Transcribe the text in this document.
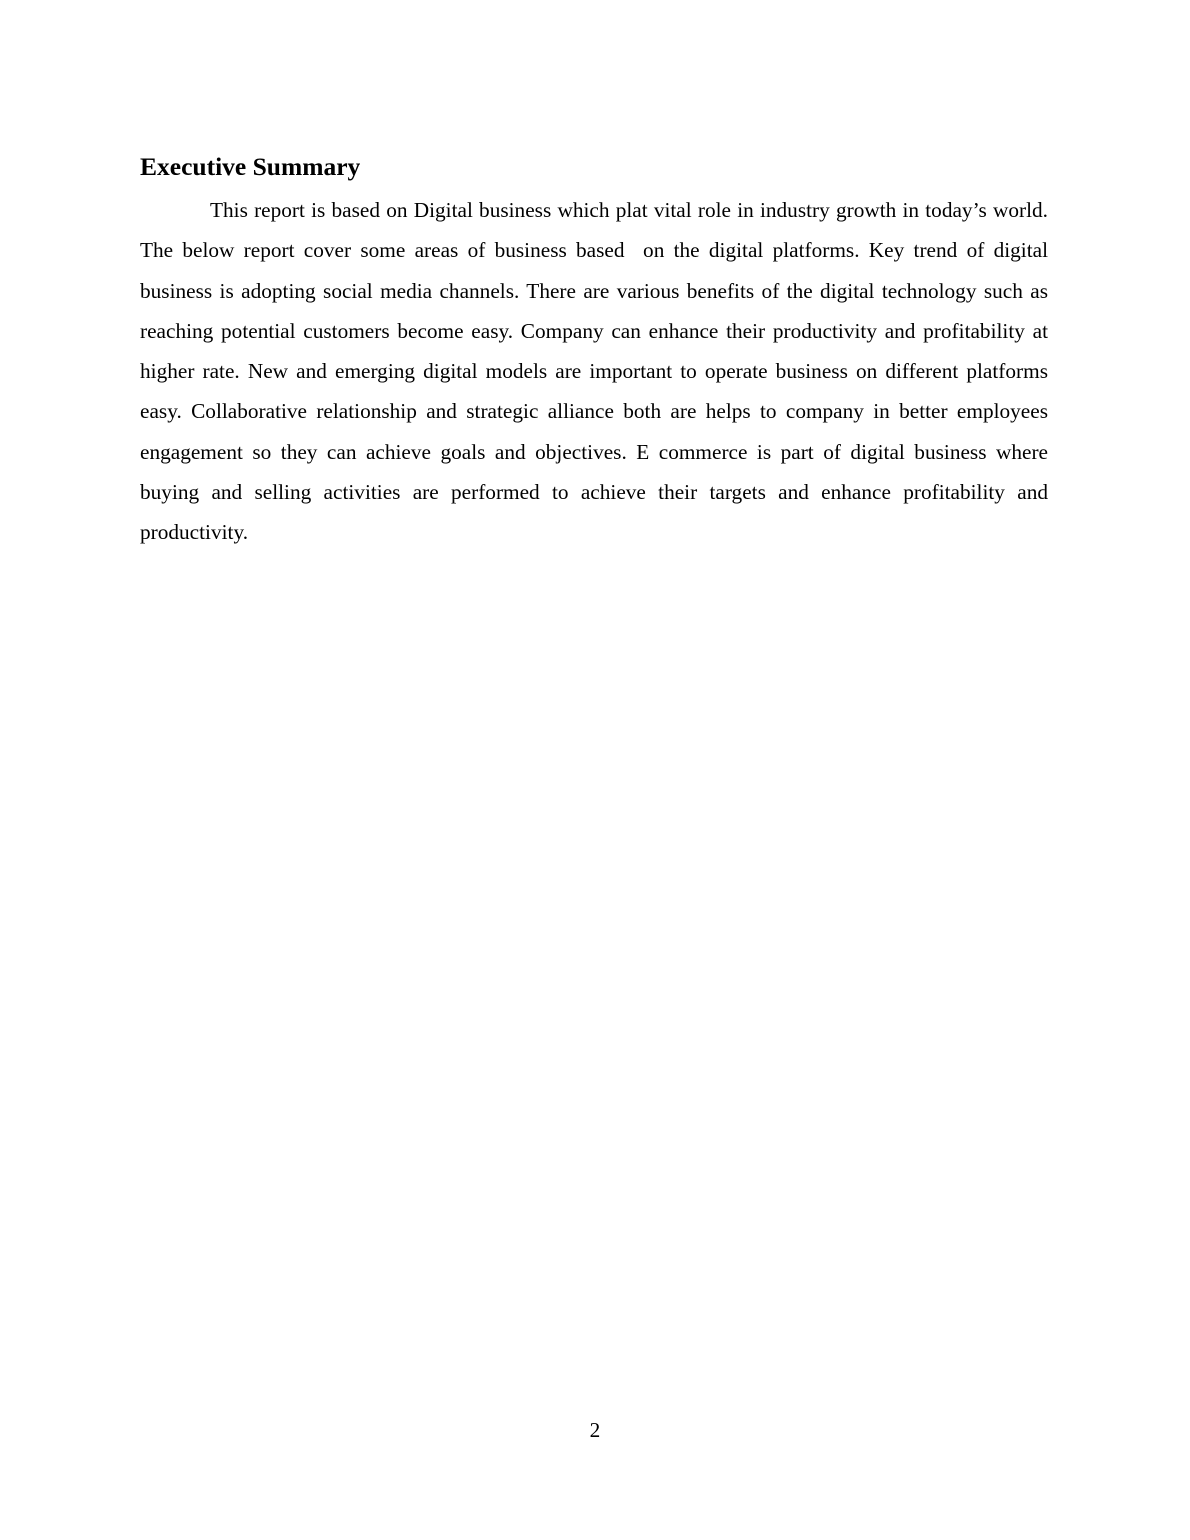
Executive Summary

This report is based on Digital business which plat vital role in industry growth in today’s world. The below report cover some areas of business based  on the digital platforms. Key trend of digital business is adopting social media channels. There are various benefits of the digital technology such as reaching potential customers become easy. Company can enhance their productivity and profitability at higher rate. New and emerging digital models are important to operate business on different platforms easy. Collaborative relationship and strategic alliance both are helps to company in better employees engagement so they can achieve goals and objectives. E commerce is part of digital business where buying and selling activities are performed to achieve their targets and enhance profitability and productivity.

2
